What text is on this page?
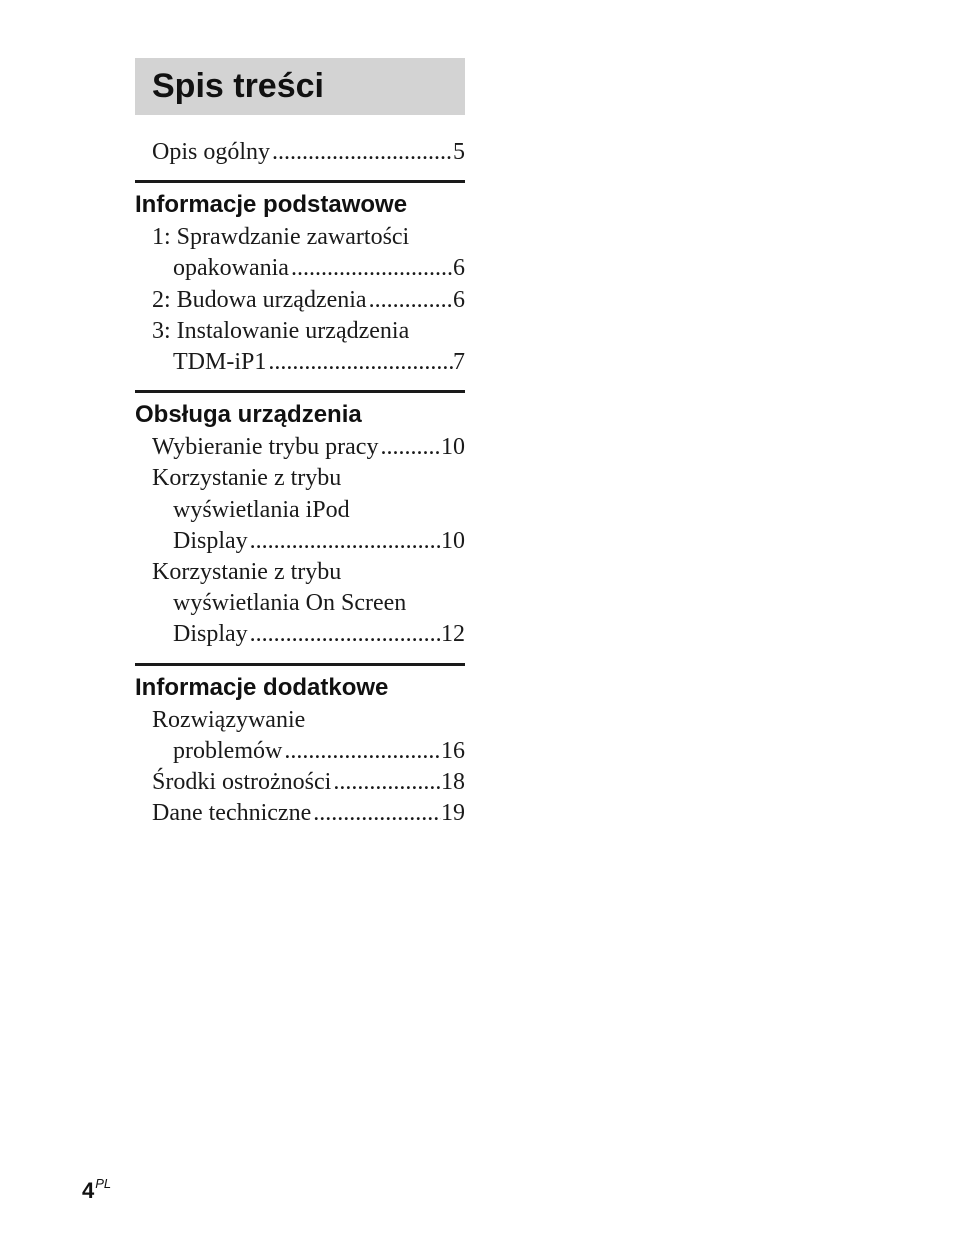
Spis treści
Opis ogólny .....	5
Informacje podstawowe
1: Sprawdzanie zawartości
opakowania .....	6
2: Budowa urządzenia .....	6
3: Instalowanie urządzenia
TDM-iP1 .....	7
Obsługa urządzenia
Wybieranie trybu pracy .....	10
Korzystanie z trybu
wyświetlania iPod
Display .....	10
Korzystanie z trybu
wyświetlania On Screen
Display .....	12
Informacje dodatkowe
Rozwiązywanie
problemów .....	16
Środki ostrożności .....	18
Dane techniczne .....	19
$4^{PL}$
